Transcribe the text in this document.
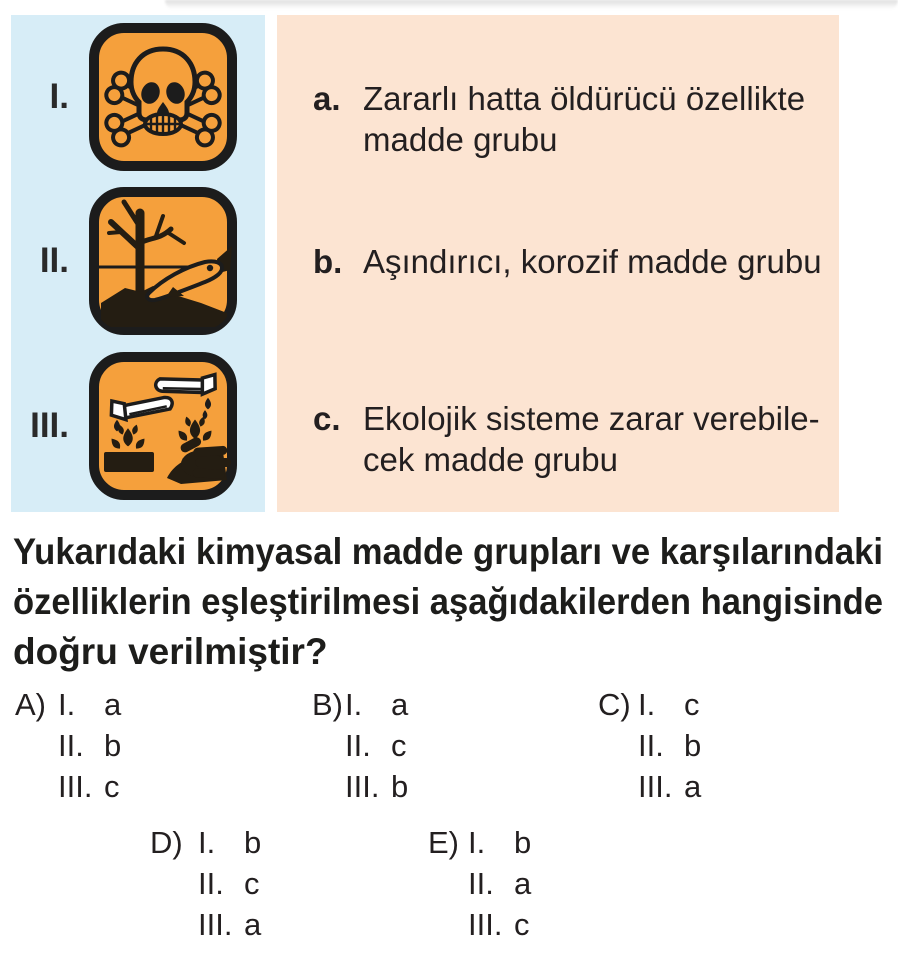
I.
II.
III.
a. Zararlı hatta öldürücü özellikte
madde grubu
b. Aşındırıcı, korozif madde grubu
c. Ekolojik sisteme zarar verebile-
cek madde grubu
Yukarıdaki kimyasal madde grupları ve karşılarındaki
özelliklerin eşleştirilmesi aşağıdakilerden hangisinde
doğru verilmiştir?
A) I. a
II. b
III. c
B) I. a
II. c
III. b
C) I. c
II. b
III. a
D) I. b
II. c
III. a
E) I. b
II. a
III. c
